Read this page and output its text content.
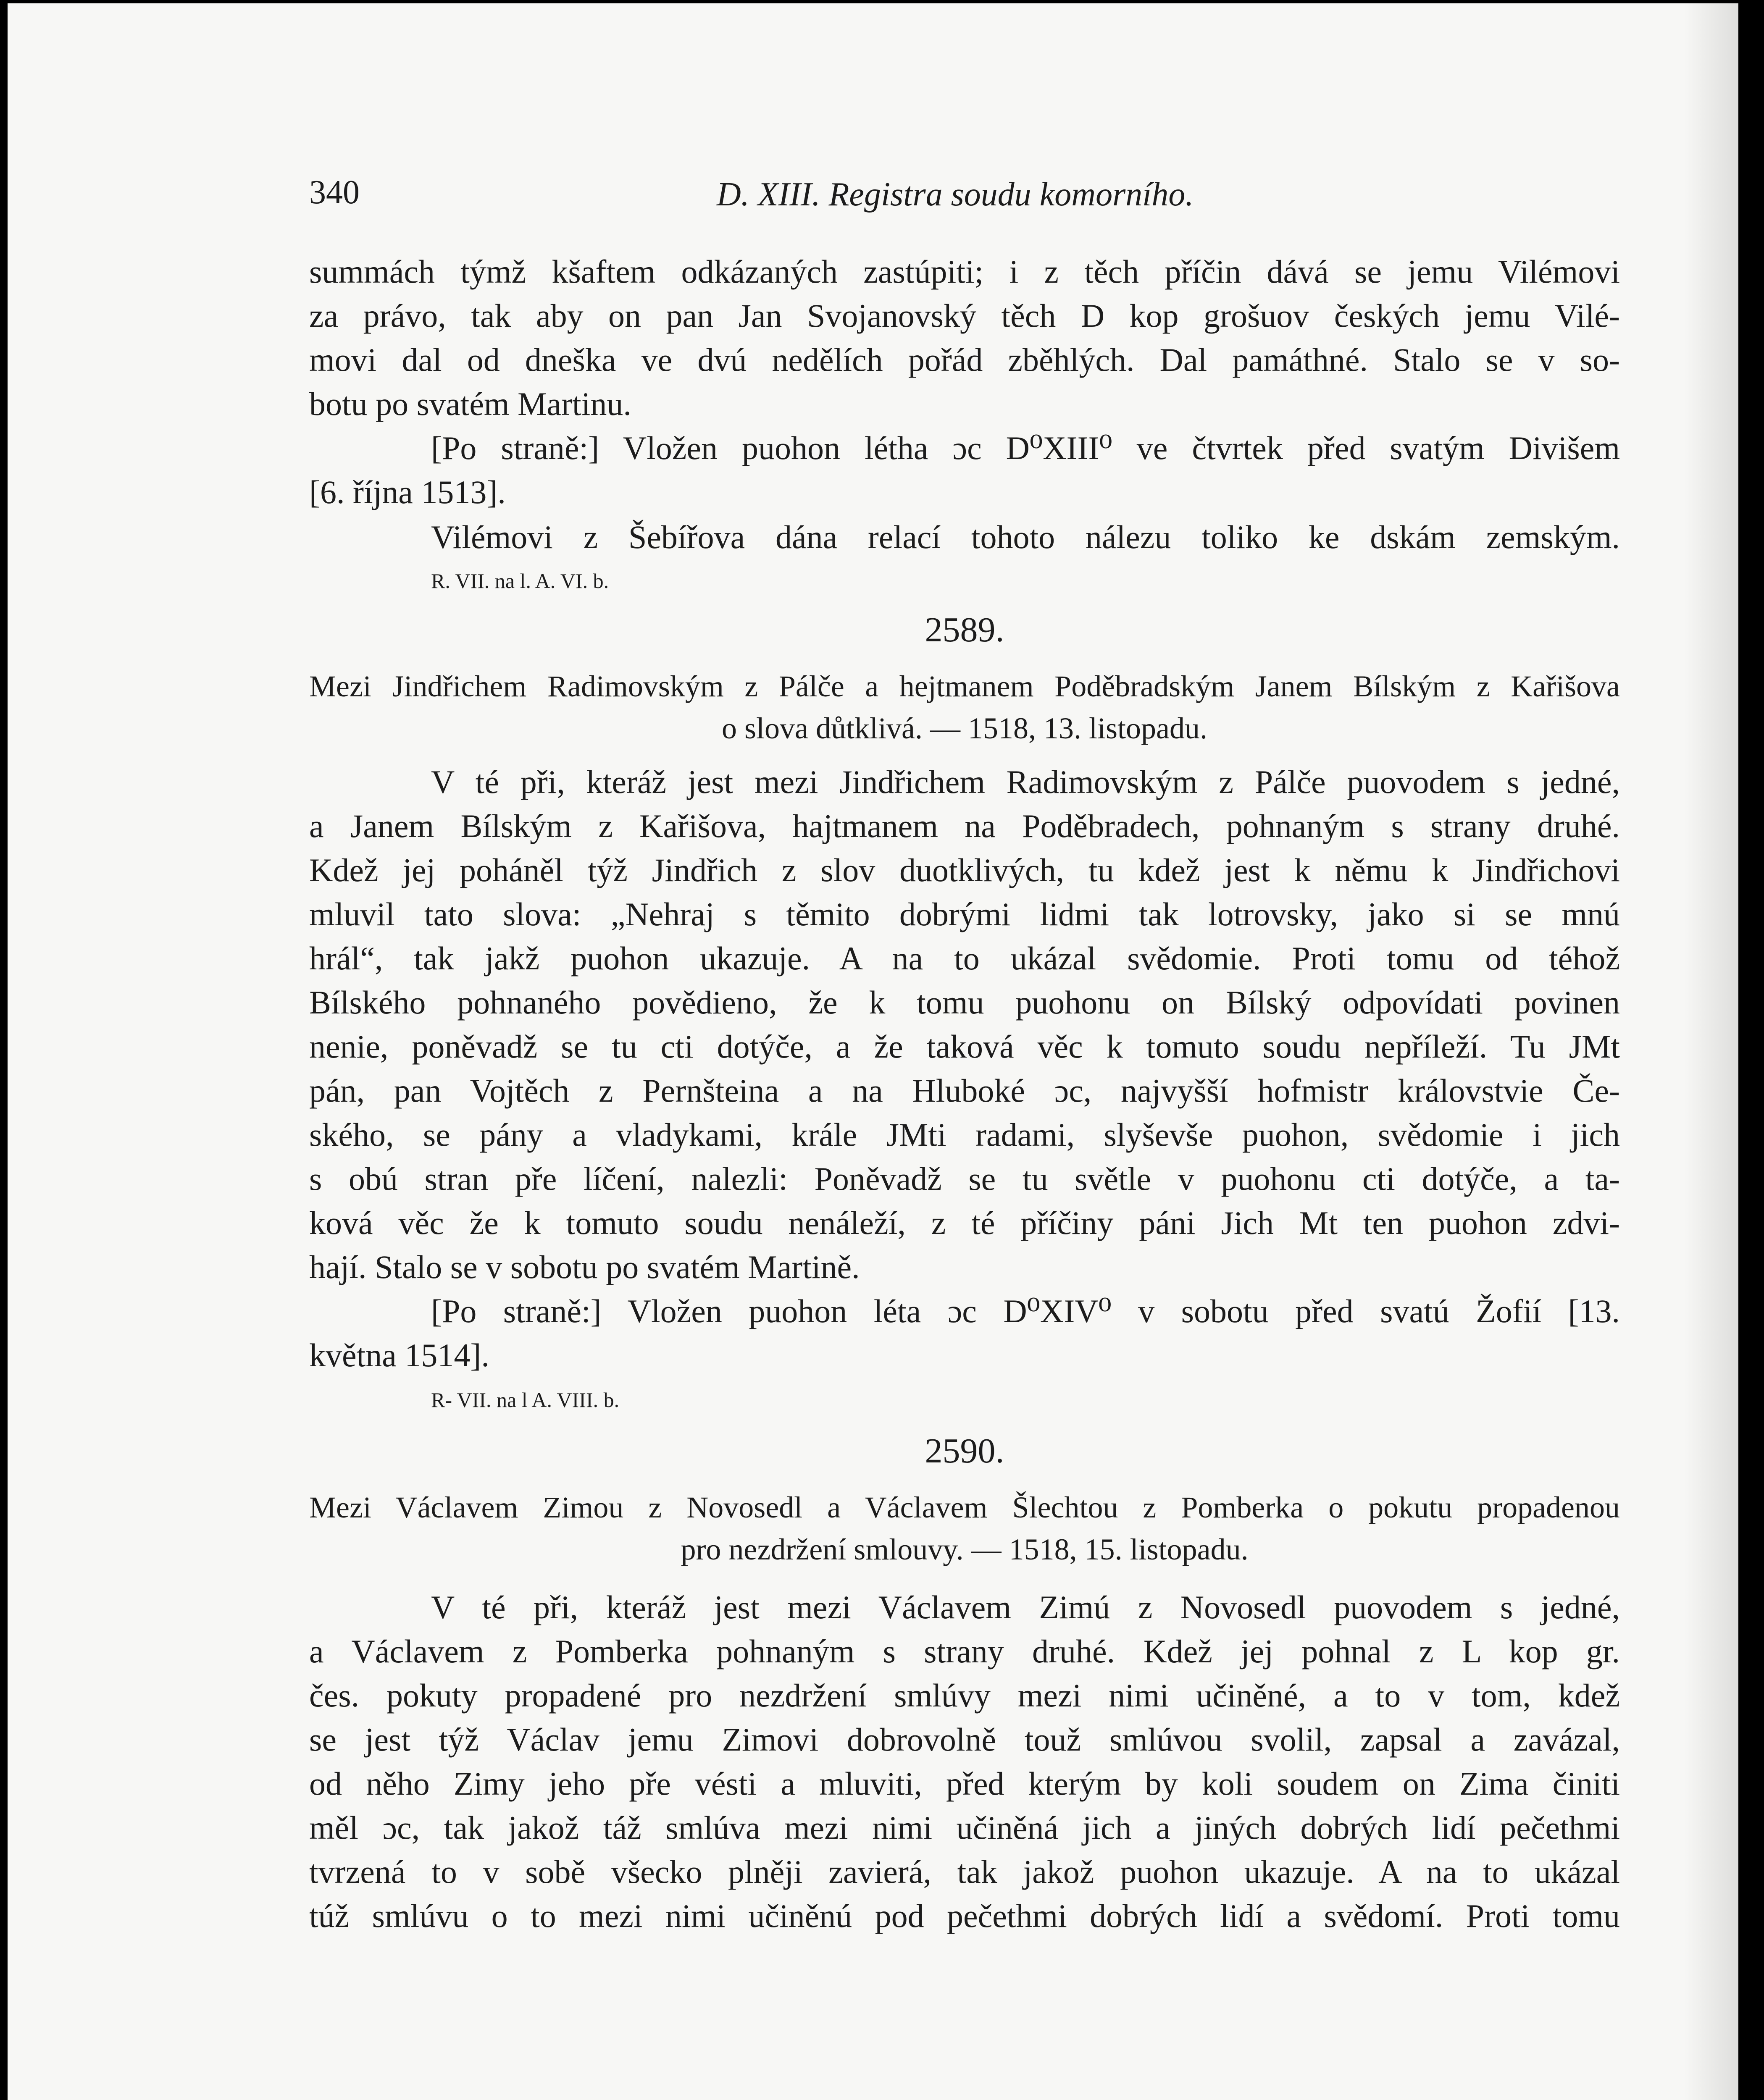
340	D. XIII. Registra soudu komorního.
summách týmž kšaftem odkázaných zastúpiti; i z těch příčin dává se jemu Vilémovi
za právo, tak aby on pan Jan Svojanovský těch D kop grošuov českých jemu Vilé-
movi dal od dneška ve dvú nedělích pořád zběhlých. Dal památhné. Stalo se v so-
botu po svatém Martinu.
[Po straně:] Vložen puohon létha ɔc D⁰XIII⁰ ve čtvrtek před svatým Divišem
[6. října 1513].
Vilémovi z Šebířova dána relací tohoto nálezu toliko ke dskám zemským.
R. VII. na l. A. VI. b.
2589.
Mezi Jindřichem Radimovským z Pálče a hejtmanem Poděbradským Janem Bílským z Kařišova
o slova důtklivá. — 1518, 13. listopadu.
V té při, kteráž jest mezi Jindřichem Radimovským z Pálče puovodem s jedné,
a Janem Bílským z Kařišova, hajtmanem na Poděbradech, pohnaným s strany druhé.
Kdež jej poháněl týž Jindřich z slov duotklivých, tu kdež jest k němu k Jindřichovi
mluvil tato slova: „Nehraj s těmito dobrými lidmi tak lotrovsky, jako si se mnú
hrál“, tak jakž puohon ukazuje. A na to ukázal svědomie. Proti tomu od téhož
Bílského pohnaného povědieno, že k tomu puohonu on Bílský odpovídati povinen
nenie, poněvadž se tu cti dotýče, a že taková věc k tomuto soudu nepříleží. Tu JMt
pán, pan Vojtěch z Pernšteina a na Hluboké ɔc, najvyšší hofmistr královstvie Če-
ského, se pány a vladykami, krále JMti radami, slyševše puohon, svědomie i jich
s obú stran pře líčení, nalezli: Poněvadž se tu světle v puohonu cti dotýče, a ta-
ková věc že k tomuto soudu nenáleží, z té příčiny páni Jich Mt ten puohon zdvi-
hají. Stalo se v sobotu po svatém Martině.
[Po straně:] Vložen puohon léta ɔc D⁰XIV⁰ v sobotu před svatú Žofií [13.
května 1514].
R- VII. na l A. VIII. b.
2590.
Mezi Václavem Zimou z Novosedl a Václavem Šlechtou z Pomberka o pokutu propadenou
pro nezdržení smlouvy. — 1518, 15. listopadu.
V té při, kteráž jest mezi Václavem Zimú z Novosedl puovodem s jedné,
a Václavem z Pomberka pohnaným s strany druhé. Kdež jej pohnal z L kop gr.
čes. pokuty propadené pro nezdržení smlúvy mezi nimi učiněné, a to v tom, kdež
se jest týž Václav jemu Zimovi dobrovolně touž smlúvou svolil, zapsal a zavázal,
od něho Zimy jeho pře vésti a mluviti, před kterým by koli soudem on Zima činiti
měl ɔc, tak jakož táž smlúva mezi nimi učiněná jich a jiných dobrých lidí pečethmi
tvrzená to v sobě všecko plněji zavierá, tak jakož puohon ukazuje. A na to ukázal
túž smlúvu o to mezi nimi učiněnú pod pečethmi dobrých lidí a svědomí. Proti tomu
